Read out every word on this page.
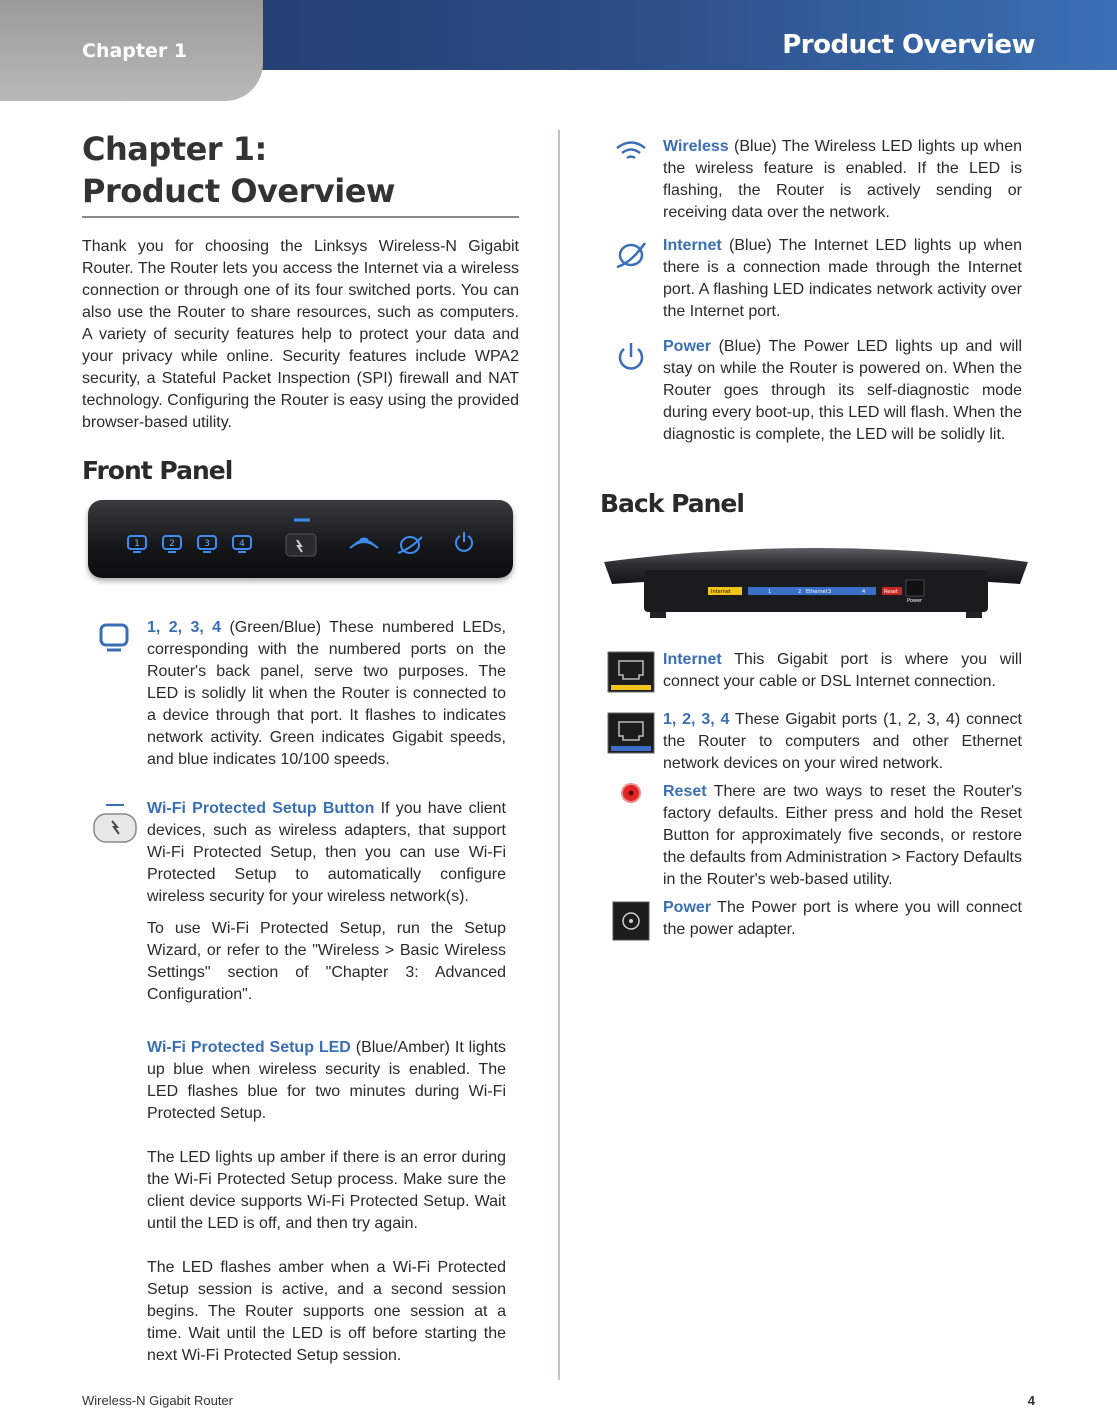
Chapter 1	Product Overview
Chapter 1:
Product Overview

Thank you for choosing the Linksys Wireless-N Gigabit Router. The Router lets you access the Internet via a wireless connection or through one of its four switched ports. You can also use the Router to share resources, such as computers. A variety of security features help to protect your data and your privacy while online. Security features include WPA2 security, a Stateful Packet Inspection (SPI) firewall and NAT technology. Configuring the Router is easy using the provided browser-based utility.

Front Panel
1	2	3	4

1, 2, 3, 4 (Green/Blue) These numbered LEDs, corresponding with the numbered ports on the Router's back panel, serve two purposes. The LED is solidly lit when the Router is connected to a device through that port. It flashes to indicates network activity. Green indicates Gigabit speeds, and blue indicates 10/100 speeds.

Wi-Fi Protected Setup Button If you have client devices, such as wireless adapters, that support Wi-Fi Protected Setup, then you can use Wi-Fi Protected Setup to automatically configure wireless security for your wireless network(s).

To use Wi-Fi Protected Setup, run the Setup Wizard, or refer to the "Wireless > Basic Wireless Settings" section of "Chapter 3: Advanced Configuration".

Wi-Fi Protected Setup LED (Blue/Amber) It lights up blue when wireless security is enabled. The LED flashes blue for two minutes during Wi-Fi Protected Setup.

The LED lights up amber if there is an error during the Wi-Fi Protected Setup process. Make sure the client device supports Wi-Fi Protected Setup. Wait until the LED is off, and then try again.

The LED flashes amber when a Wi-Fi Protected Setup session is active, and a second session begins. The Router supports one session at a time. Wait until the LED is off before starting the next Wi-Fi Protected Setup session.

Wireless (Blue) The Wireless LED lights up when the wireless feature is enabled. If the LED is flashing, the Router is actively sending or receiving data over the network.

Internet (Blue) The Internet LED lights up when there is a connection made through the Internet port. A flashing LED indicates network activity over the Internet port.

Power (Blue) The Power LED lights up and will stay on while the Router is powered on. When the Router goes through its self-diagnostic mode during every boot-up, this LED will flash. When the diagnostic is complete, the LED will be solidly lit.

Back Panel
Internet	1	2 Ethernet 3	4	Reset
Power

Internet This Gigabit port is where you will connect your cable or DSL Internet connection.

1, 2, 3, 4 These Gigabit ports (1, 2, 3, 4) connect the Router to computers and other Ethernet network devices on your wired network.

Reset There are two ways to reset the Router's factory defaults. Either press and hold the Reset Button for approximately five seconds, or restore the defaults from Administration > Factory Defaults in the Router's web-based utility.

Power The Power port is where you will connect the power adapter.

Wireless-N Gigabit Router	4
